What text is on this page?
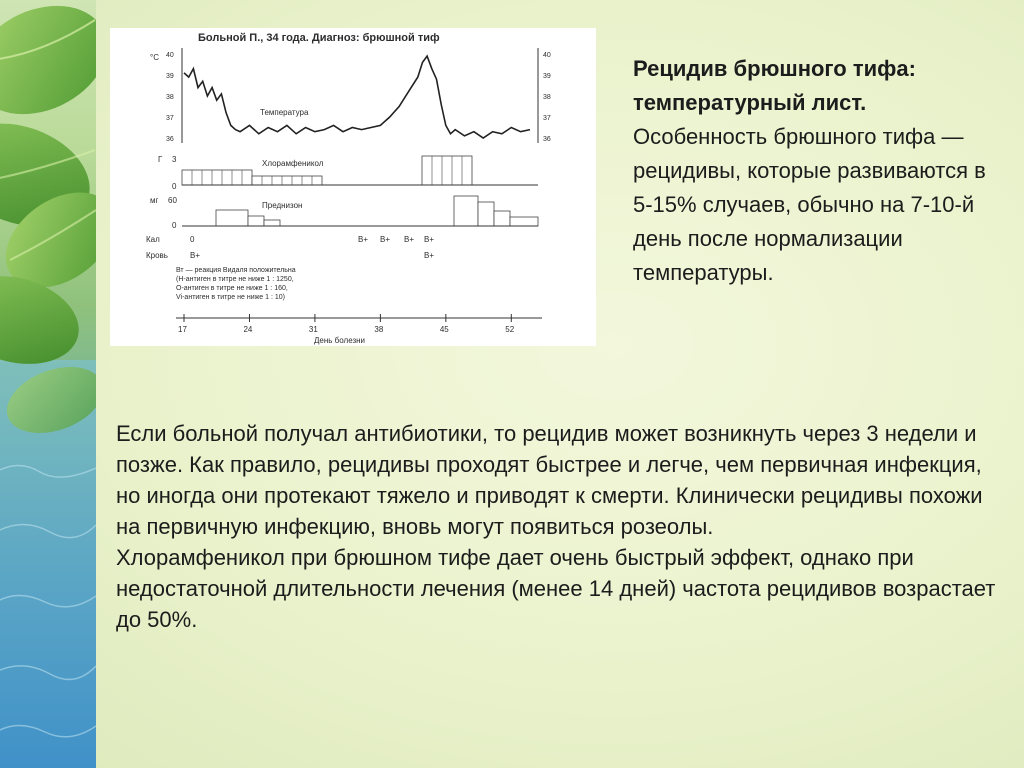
Больной П., 34 года. Диагноз: брюшной тиф
°C 40
39
38
37
36
40
39
38
37
36
Температура
Г 3
0
Хлорамфеникол
мг 60
0
Преднизон
Кал
Кровь
0	B+ B+ B+ B+
B+	B+
Вт — реакция Видаля положительна
(Н-антиген в титре не ниже 1 : 1250,
О-антиген в титре не ниже 1 : 160,
Vi-антиген в титре не ниже 1 : 10)
17	24	31	38	45	52
День болезни
Рецидив брюшного тифа: температурный лист.
Особенность брюшного тифа — рецидивы, которые развиваются в 5-15% случаев, обычно на 7-10-й день после нормализации температуры.

Если больной получал антибиотики, то рецидив может возникнуть через 3 недели и позже. Как правило, рецидивы проходят быстрее и легче, чем первичная инфекция, но иногда они протекают тяжело и приводят к смерти. Клинически рецидивы похожи на первичную инфекцию, вновь могут появиться розеолы.

Хлорамфеникол при брюшном тифе дает очень быстрый эффект, однако при недостаточной длительности лечения (менее 14 дней) частота рецидивов возрастает до 50%.
